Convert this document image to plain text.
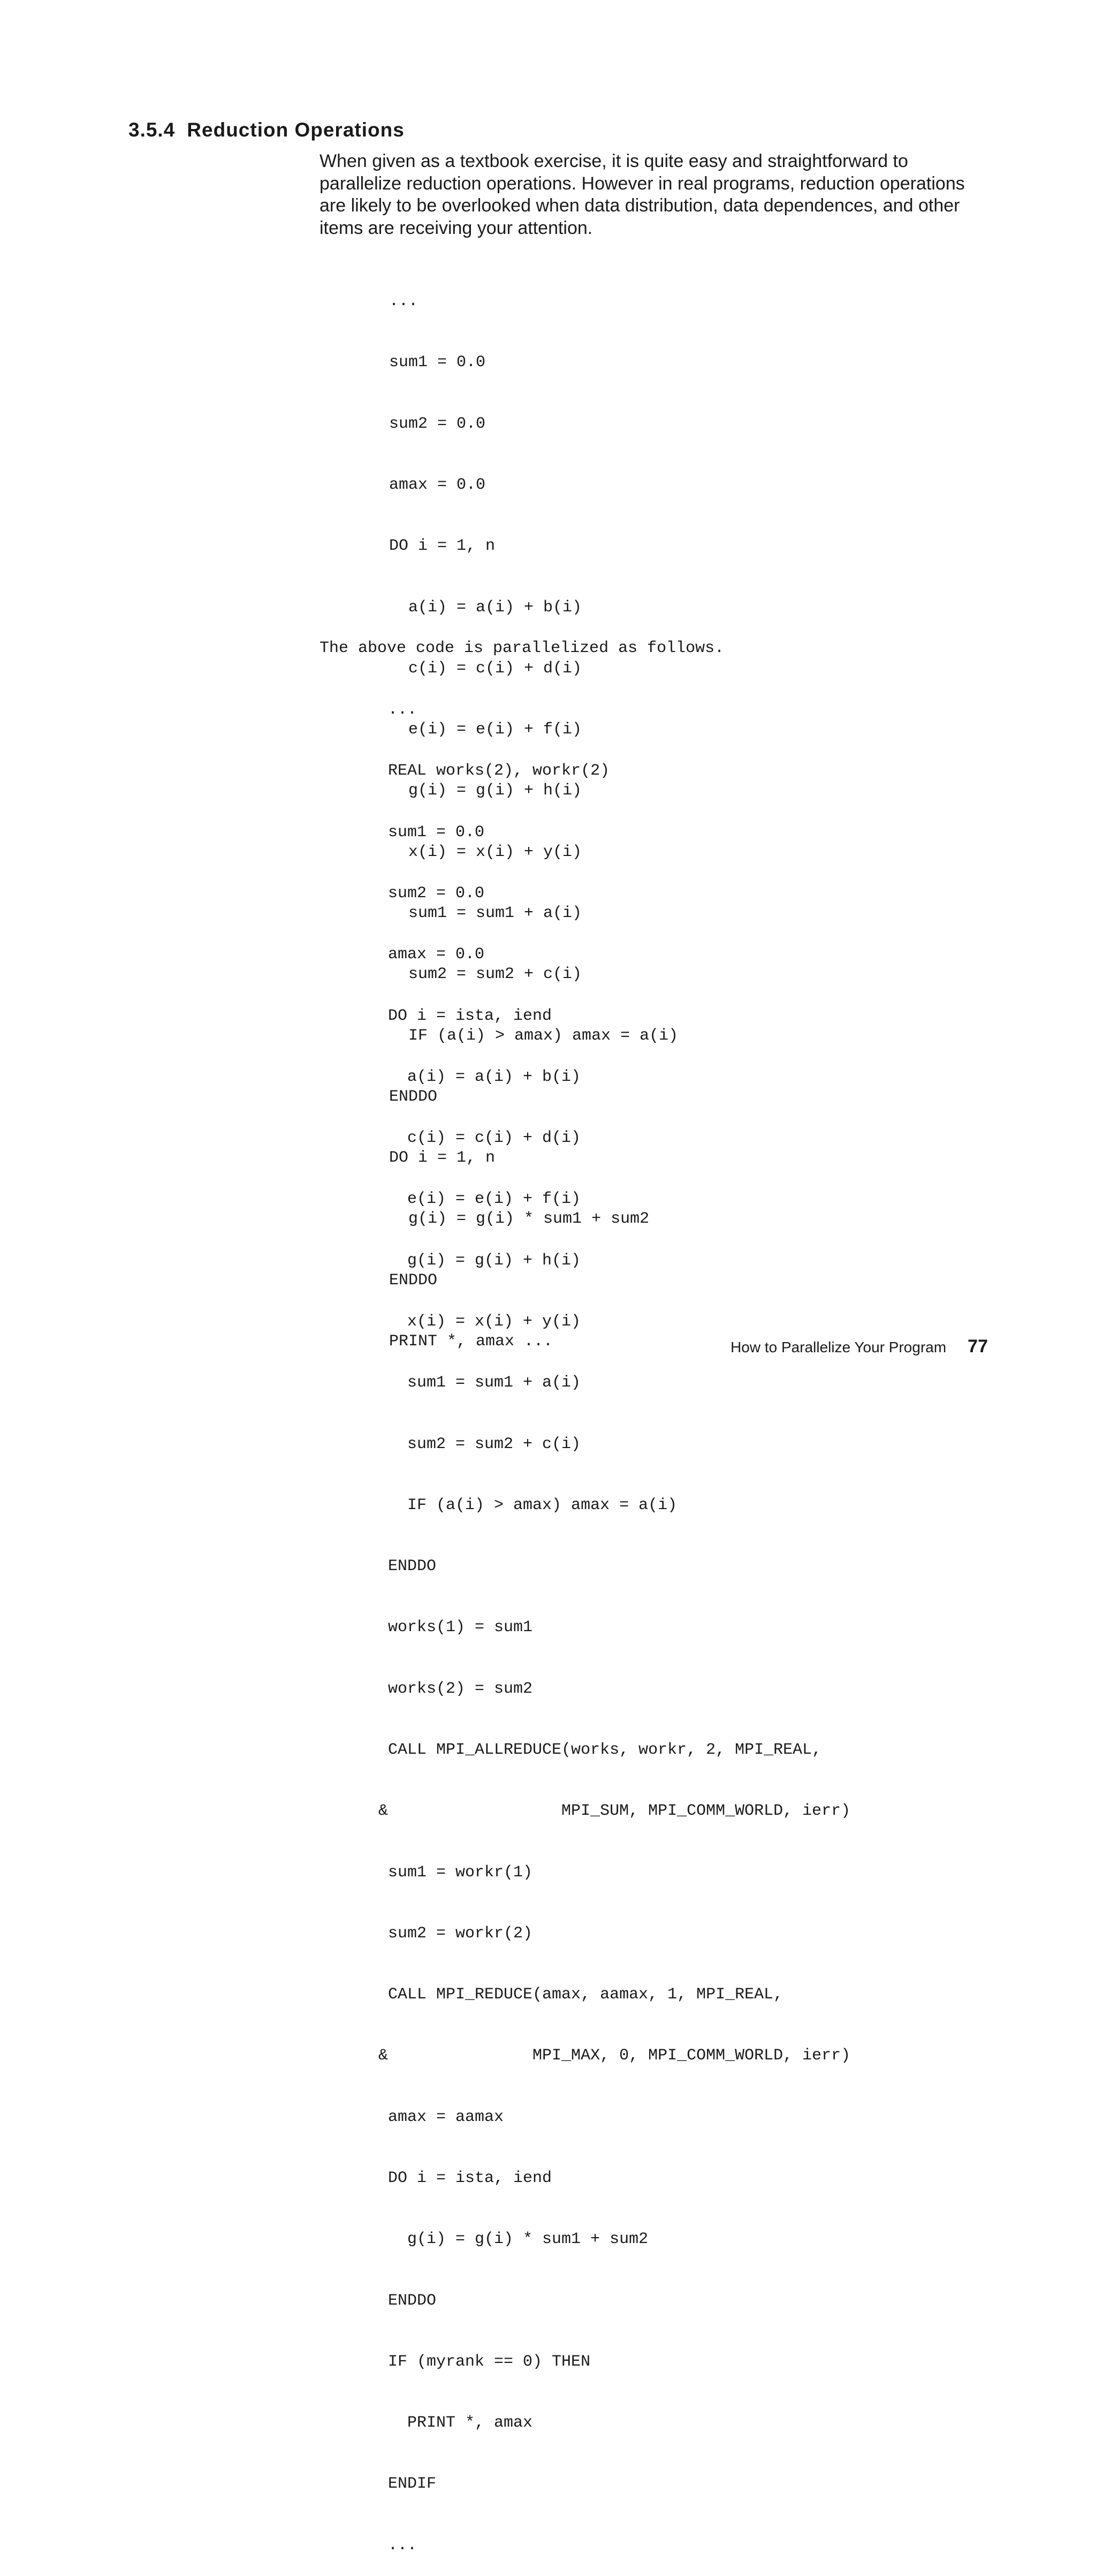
3.5.4 Reduction Operations

When given as a textbook exercise, it is quite easy and straightforward to
parallelize reduction operations. However in real programs, reduction operations
are likely to be overlooked when data distribution, data dependences, and other
items are receiving your attention.

...

sum1 = 0.0

sum2 = 0.0

amax = 0.0

DO i = 1, n

a(i) = a(i) + b(i)

c(i) = c(i) + d(i)

e(i) = e(i) + f(i)

g(i) = g(i) + h(i)

x(i) = x(i) + y(i)

sum1 = sum1 + a(i)

sum2 = sum2 + c(i)

IF (a(i) > amax) amax = a(i)

ENDDO

DO i = 1, n

g(i) = g(i) * sum1 + sum2

ENDDO

PRINT *, amax ...

The above code is parallelized as follows.

...

REAL works(2), workr(2)

sum1 = 0.0

sum2 = 0.0

amax = 0.0

DO i = ista, iend

a(i) = a(i) + b(i)

c(i) = c(i) + d(i)

e(i) = e(i) + f(i)

g(i) = g(i) + h(i)

x(i) = x(i) + y(i)

sum1 = sum1 + a(i)

sum2 = sum2 + c(i)

IF (a(i) > amax) amax = a(i)

ENDDO

works(1) = sum1

works(2) = sum2

CALL MPI_ALLREDUCE(works, workr, 2, MPI_REAL,

&                  MPI_SUM, MPI_COMM_WORLD, ierr)

sum1 = workr(1)

sum2 = workr(2)

CALL MPI_REDUCE(amax, aamax, 1, MPI_REAL,

&               MPI_MAX, 0, MPI_COMM_WORLD, ierr)

amax = aamax

DO i = ista, iend

g(i) = g(i) * sum1 + sum2

ENDDO

IF (myrank == 0) THEN

PRINT *, amax

ENDIF

...

How to Parallelize Your Program 77
